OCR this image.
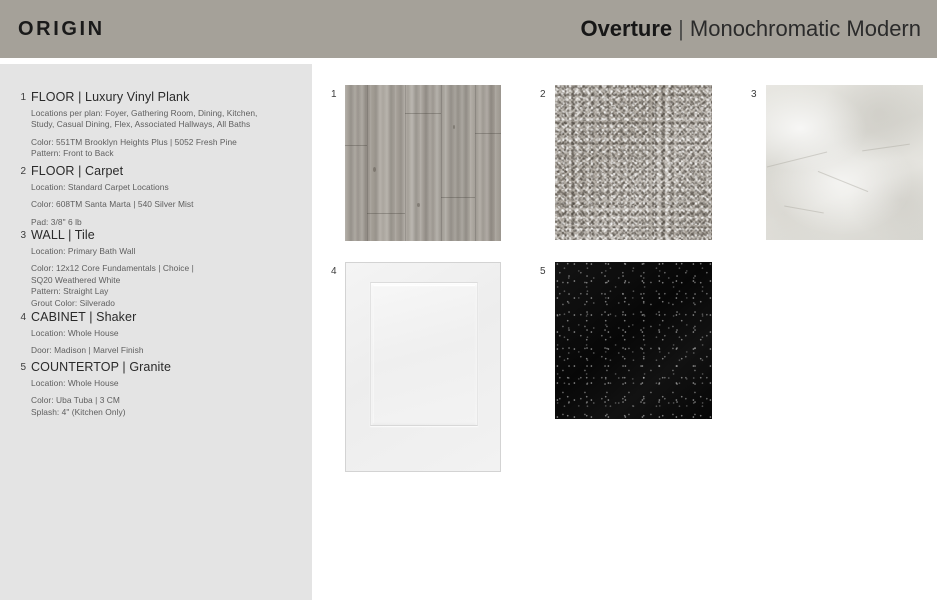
ORIGIN	Overture | Monochromatic Modern
1 FLOOR | Luxury Vinyl Plank
Locations per plan: Foyer, Gathering Room, Dining, Kitchen,
Study, Casual Dining, Flex, Associated Hallways, All Baths
Color: 551TM Brooklyn Heights Plus | 5052 Fresh Pine
Pattern: Front to Back
2 FLOOR | Carpet
Location: Standard Carpet Locations
Color: 608TM Santa Marta | 540 Silver Mist
Pad: 3/8" 6 lb
3 WALL | Tile
Location: Primary Bath Wall
Color: 12x12 Core Fundamentals | Choice |
SQ20 Weathered White
Pattern: Straight Lay
Grout Color: Silverado
4 CABINET | Shaker
Location: Whole House
Door: Madison | Marvel Finish
5 COUNTERTOP | Granite
Location: Whole House
Color: Uba Tuba | 3 CM
Splash: 4" (Kitchen Only)
1	2	3
4	5
